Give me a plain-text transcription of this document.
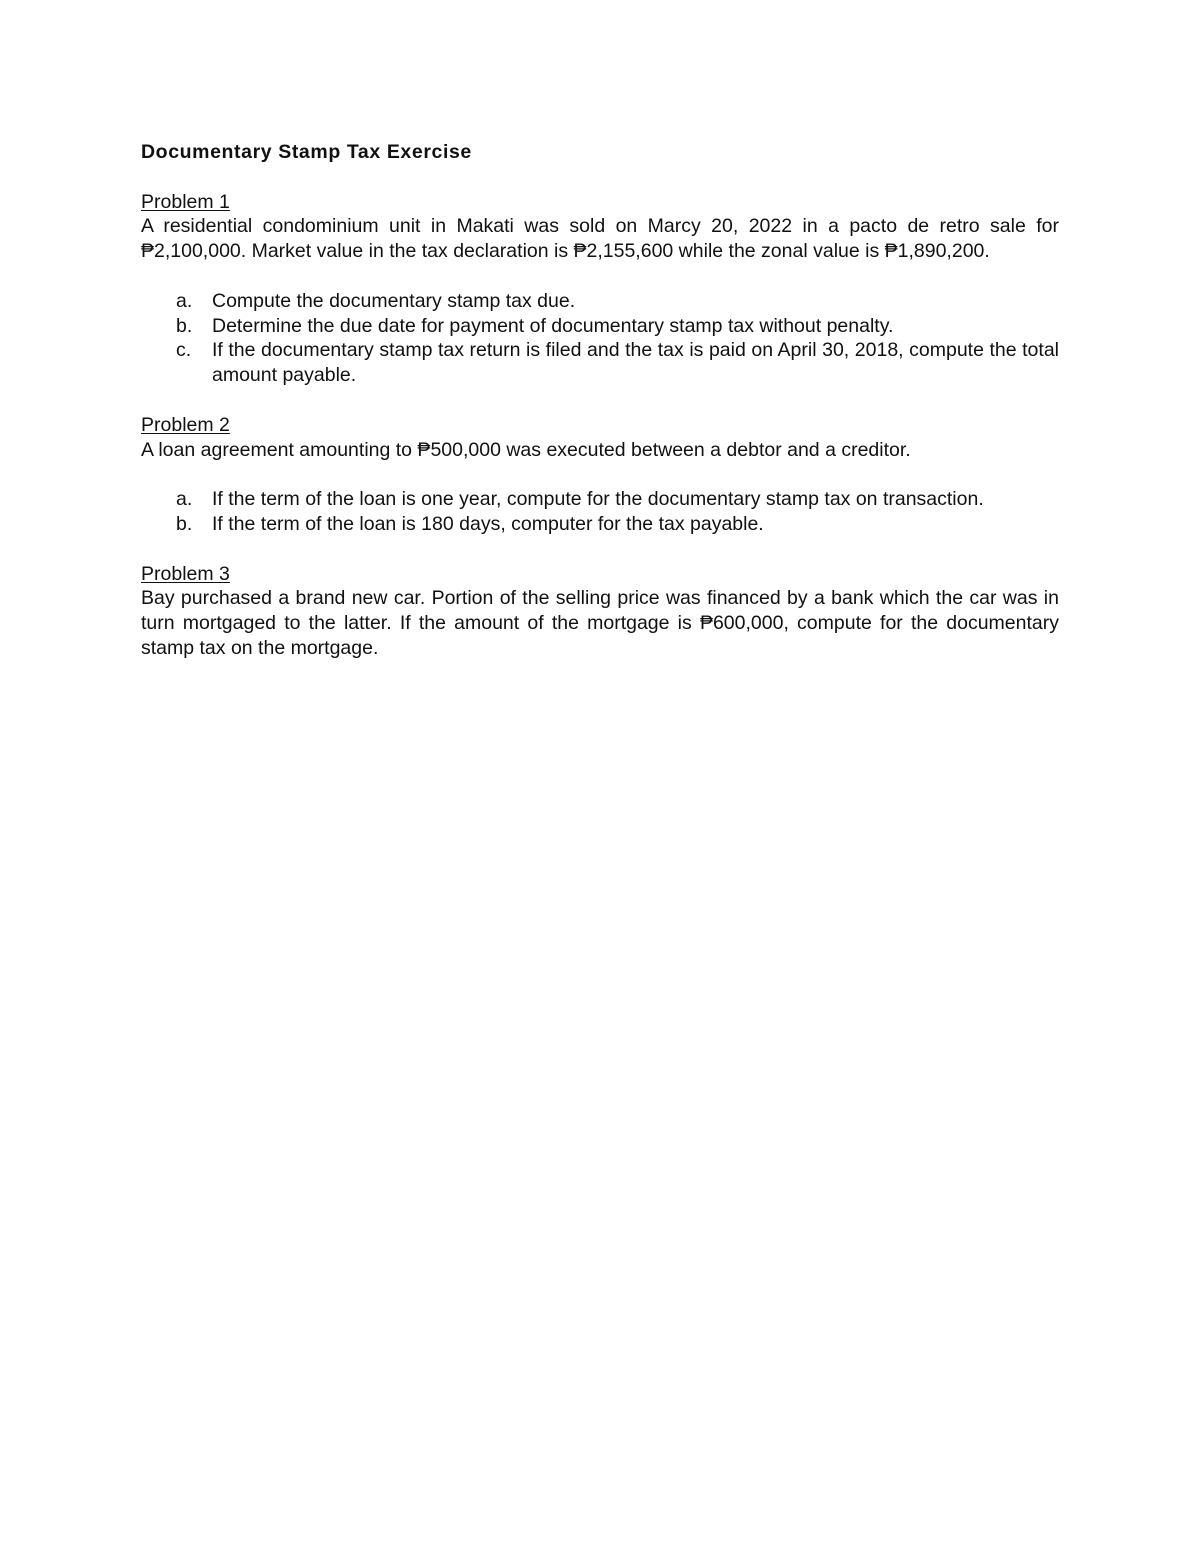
Documentary Stamp Tax Exercise
Problem 1
A residential condominium unit in Makati was sold on Marcy 20, 2022 in a pacto de retro sale for ₱2,100,000. Market value in the tax declaration is ₱2,155,600 while the zonal value is ₱1,890,200.
a.	Compute the documentary stamp tax due.
b.	Determine the due date for payment of documentary stamp tax without penalty.
c.	If the documentary stamp tax return is filed and the tax is paid on April 30, 2018, compute the total amount payable.
Problem 2
A loan agreement amounting to ₱500,000 was executed between a debtor and a creditor.
a.	If the term of the loan is one year, compute for the documentary stamp tax on transaction.
b.	If the term of the loan is 180 days, computer for the tax payable.
Problem 3
Bay purchased a brand new car. Portion of the selling price was financed by a bank which the car was in turn mortgaged to the latter. If the amount of the mortgage is ₱600,000, compute for the documentary stamp tax on the mortgage.
